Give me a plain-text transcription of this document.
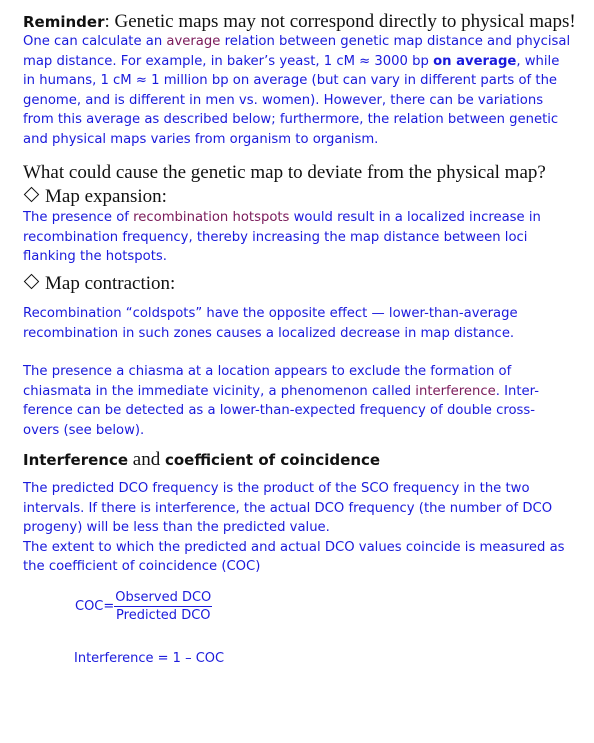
Reminder: Genetic maps may not correspond directly to physical maps!
One can calculate an average relation between genetic map distance and phycisal map distance. For example, in baker’s yeast, 1 cM ≈ 3000 bp on average, while in humans, 1 cM ≈ 1 million bp on average (but can vary in different parts of the genome, and is different in men vs. women). However, there can be variations from this average as described below; furthermore, the relation between genetic and physical maps varies from organism to organism.
What could cause the genetic map to deviate from the physical map?
Map expansion:
The presence of recombination hotspots would result in a localized increase in recombination frequency, thereby increasing the map distance between loci flanking the hotspots.
Map contraction:
Recombination “coldspots” have the opposite effect — lower-than-average recombination in such zones causes a localized decrease in map distance.
The presence a chiasma at a location appears to exclude the formation of chiasmata in the immediate vicinity, a phenomenon called interference. Inter-ference can be detected as a lower-than-expected frequency of double cross-overs (see below).
Interference and coefficient of coincidence
The predicted DCO frequency is the product of the SCO frequency in the two intervals. If there is interference, the actual DCO frequency (the number of DCO progeny) will be less than the predicted value.
The extent to which the predicted and actual DCO values coincide is measured as the coefficient of coincidence (COC)
$COC= \frac{\text{Observed DCO}}{\text{Predicted DCO}}$
Interference = 1 – COC
